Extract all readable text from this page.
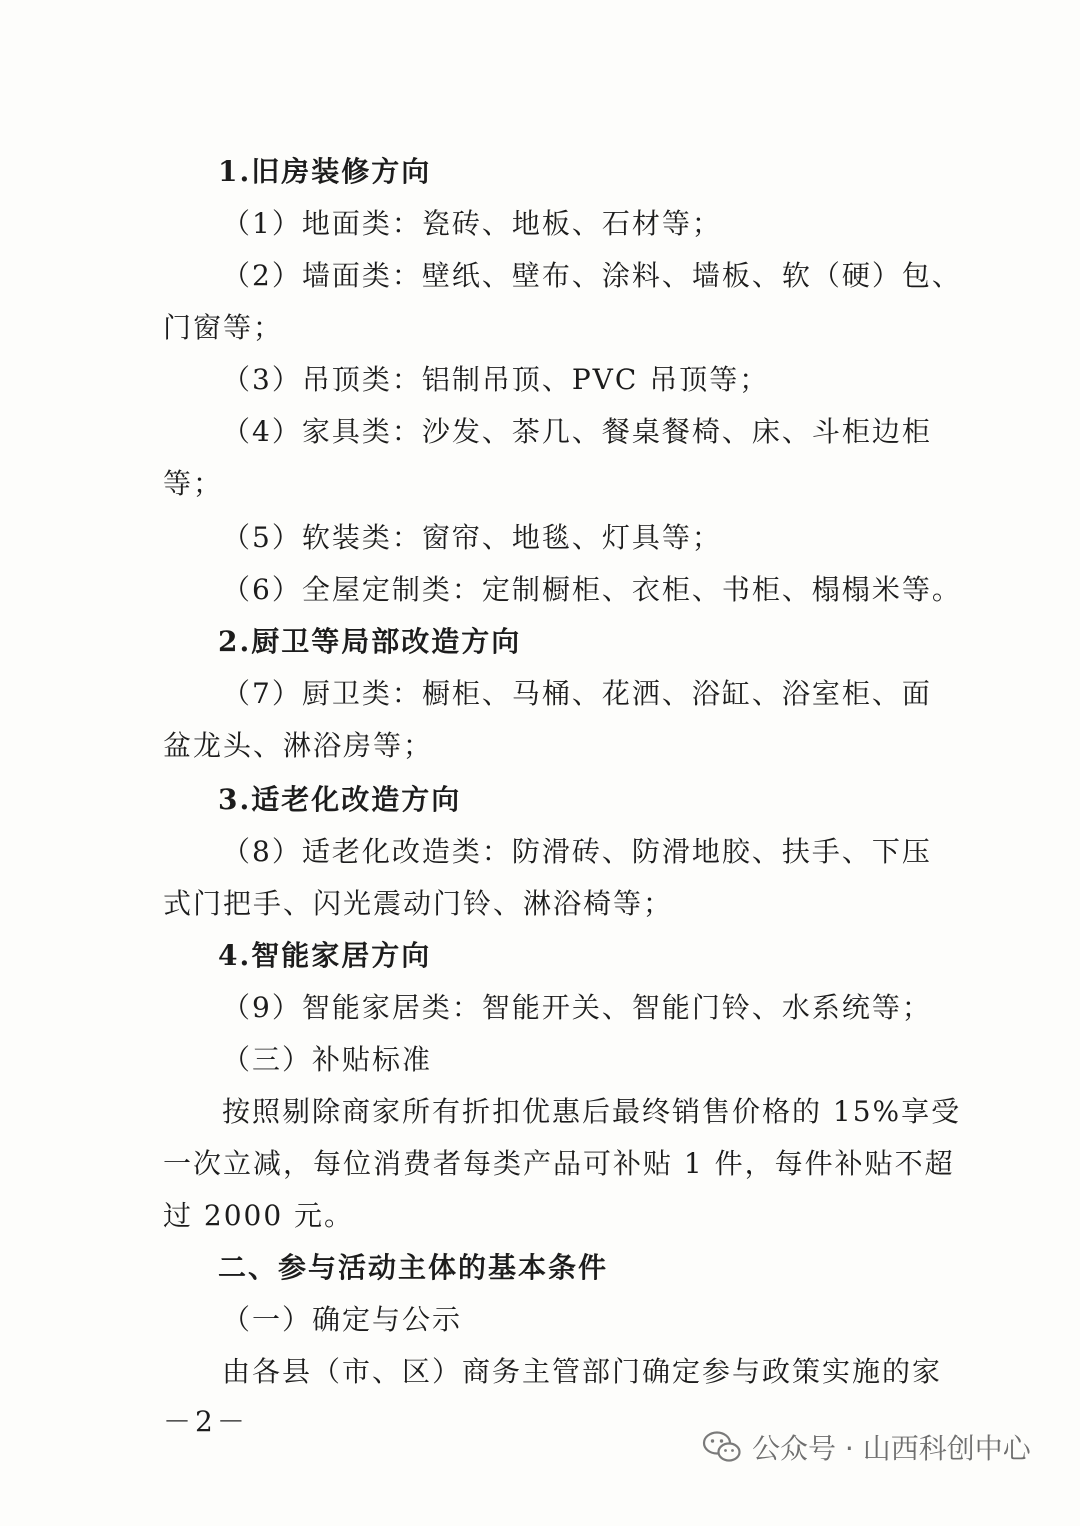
1.旧房装修方向
（1）地面类：瓷砖、地板、石材等；
（2）墙面类：壁纸、壁布、涂料、墙板、软（硬）包、
门窗等；
（3）吊顶类：铝制吊顶、PVC 吊顶等；
（4）家具类：沙发、茶几、餐桌餐椅、床、斗柜边柜
等；
（5）软装类：窗帘、地毯、灯具等；
（6）全屋定制类：定制橱柜、衣柜、书柜、榻榻米等。
2.厨卫等局部改造方向
（7）厨卫类：橱柜、马桶、花洒、浴缸、浴室柜、面
盆龙头、淋浴房等；
3.适老化改造方向
（8）适老化改造类：防滑砖、防滑地胶、扶手、下压
式门把手、闪光震动门铃、淋浴椅等；
4.智能家居方向
（9）智能家居类：智能开关、智能门铃、水系统等；
（三）补贴标准
按照剔除商家所有折扣优惠后最终销售价格的 15%享受
一次立减，每位消费者每类产品可补贴 1 件，每件补贴不超
过 2000 元。
二、参与活动主体的基本条件
（一）确定与公示
由各县（市、区）商务主管部门确定参与政策实施的家
－2－
公众号 · 山西科创中心
